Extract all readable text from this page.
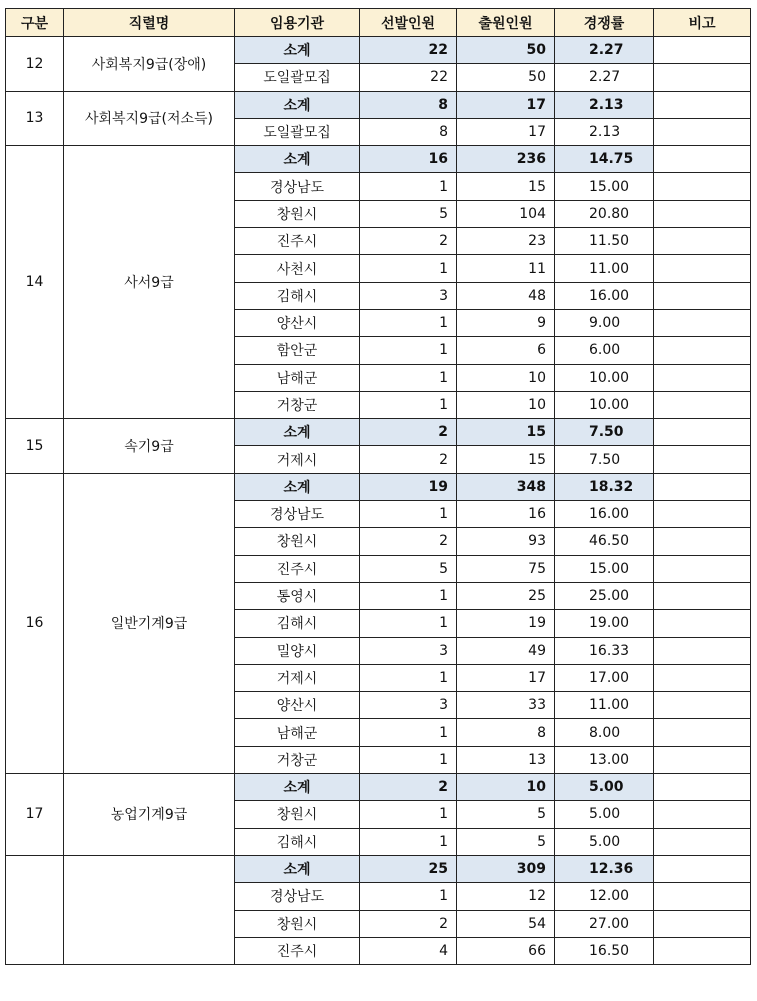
구분	직렬명	임용기관	선발인원	출원인원	경쟁률	비고
12	사회복지9급(장애)	소계	22	50	2.27	
		도일괄모집	22	50	2.27	
13	사회복지9급(저소득)	소계	8	17	2.13	
		도일괄모집	8	17	2.13	
14	사서9급	소계	16	236	14.75	
		경상남도	1	15	15.00	
		창원시	5	104	20.80	
		진주시	2	23	11.50	
		사천시	1	11	11.00	
		김해시	3	48	16.00	
		양산시	1	9	9.00	
		함안군	1	6	6.00	
		남해군	1	10	10.00	
		거창군	1	10	10.00	
15	속기9급	소계	2	15	7.50	
		거제시	2	15	7.50	
16	일반기계9급	소계	19	348	18.32	
		경상남도	1	16	16.00	
		창원시	2	93	46.50	
		진주시	5	75	15.00	
		통영시	1	25	25.00	
		김해시	1	19	19.00	
		밀양시	3	49	16.33	
		거제시	1	17	17.00	
		양산시	3	33	11.00	
		남해군	1	8	8.00	
		거창군	1	13	13.00	
17	농업기계9급	소계	2	10	5.00	
		창원시	1	5	5.00	
		김해시	1	5	5.00	
		소계	25	309	12.36	
		경상남도	1	12	12.00	
		창원시	2	54	27.00	
		진주시	4	66	16.50	
